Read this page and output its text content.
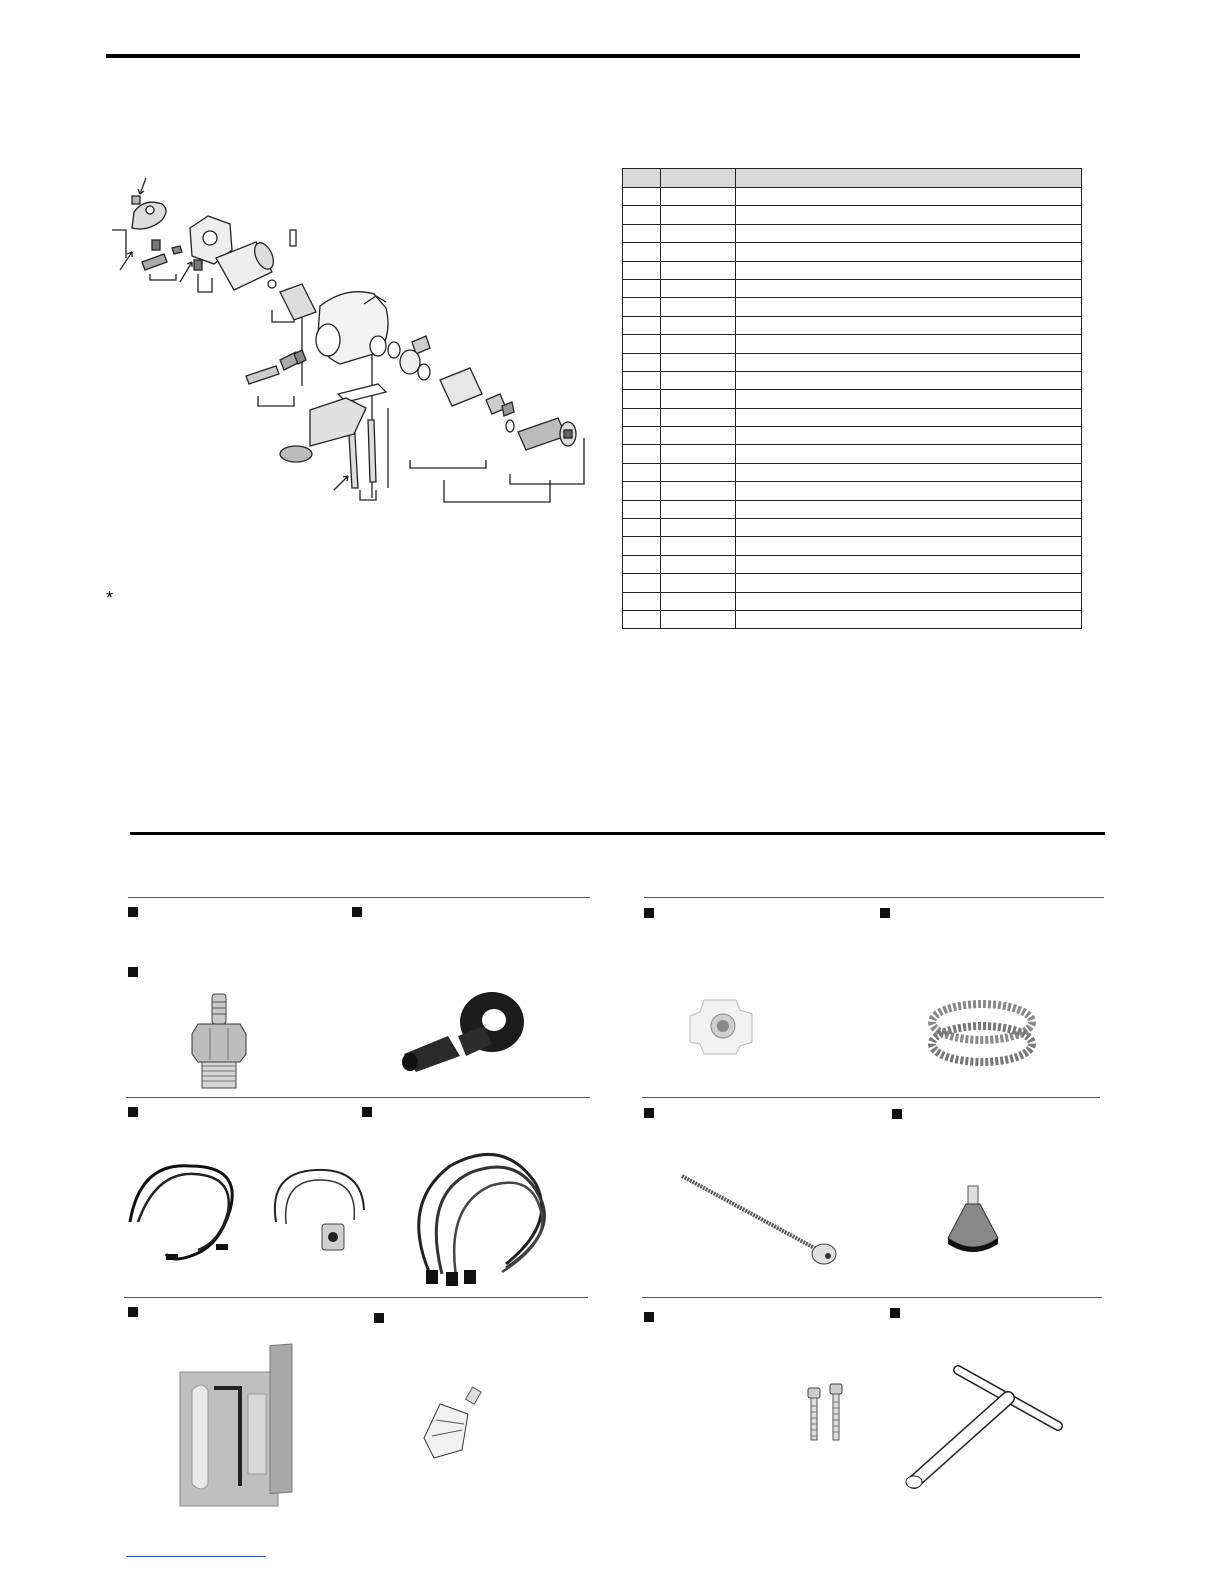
*
